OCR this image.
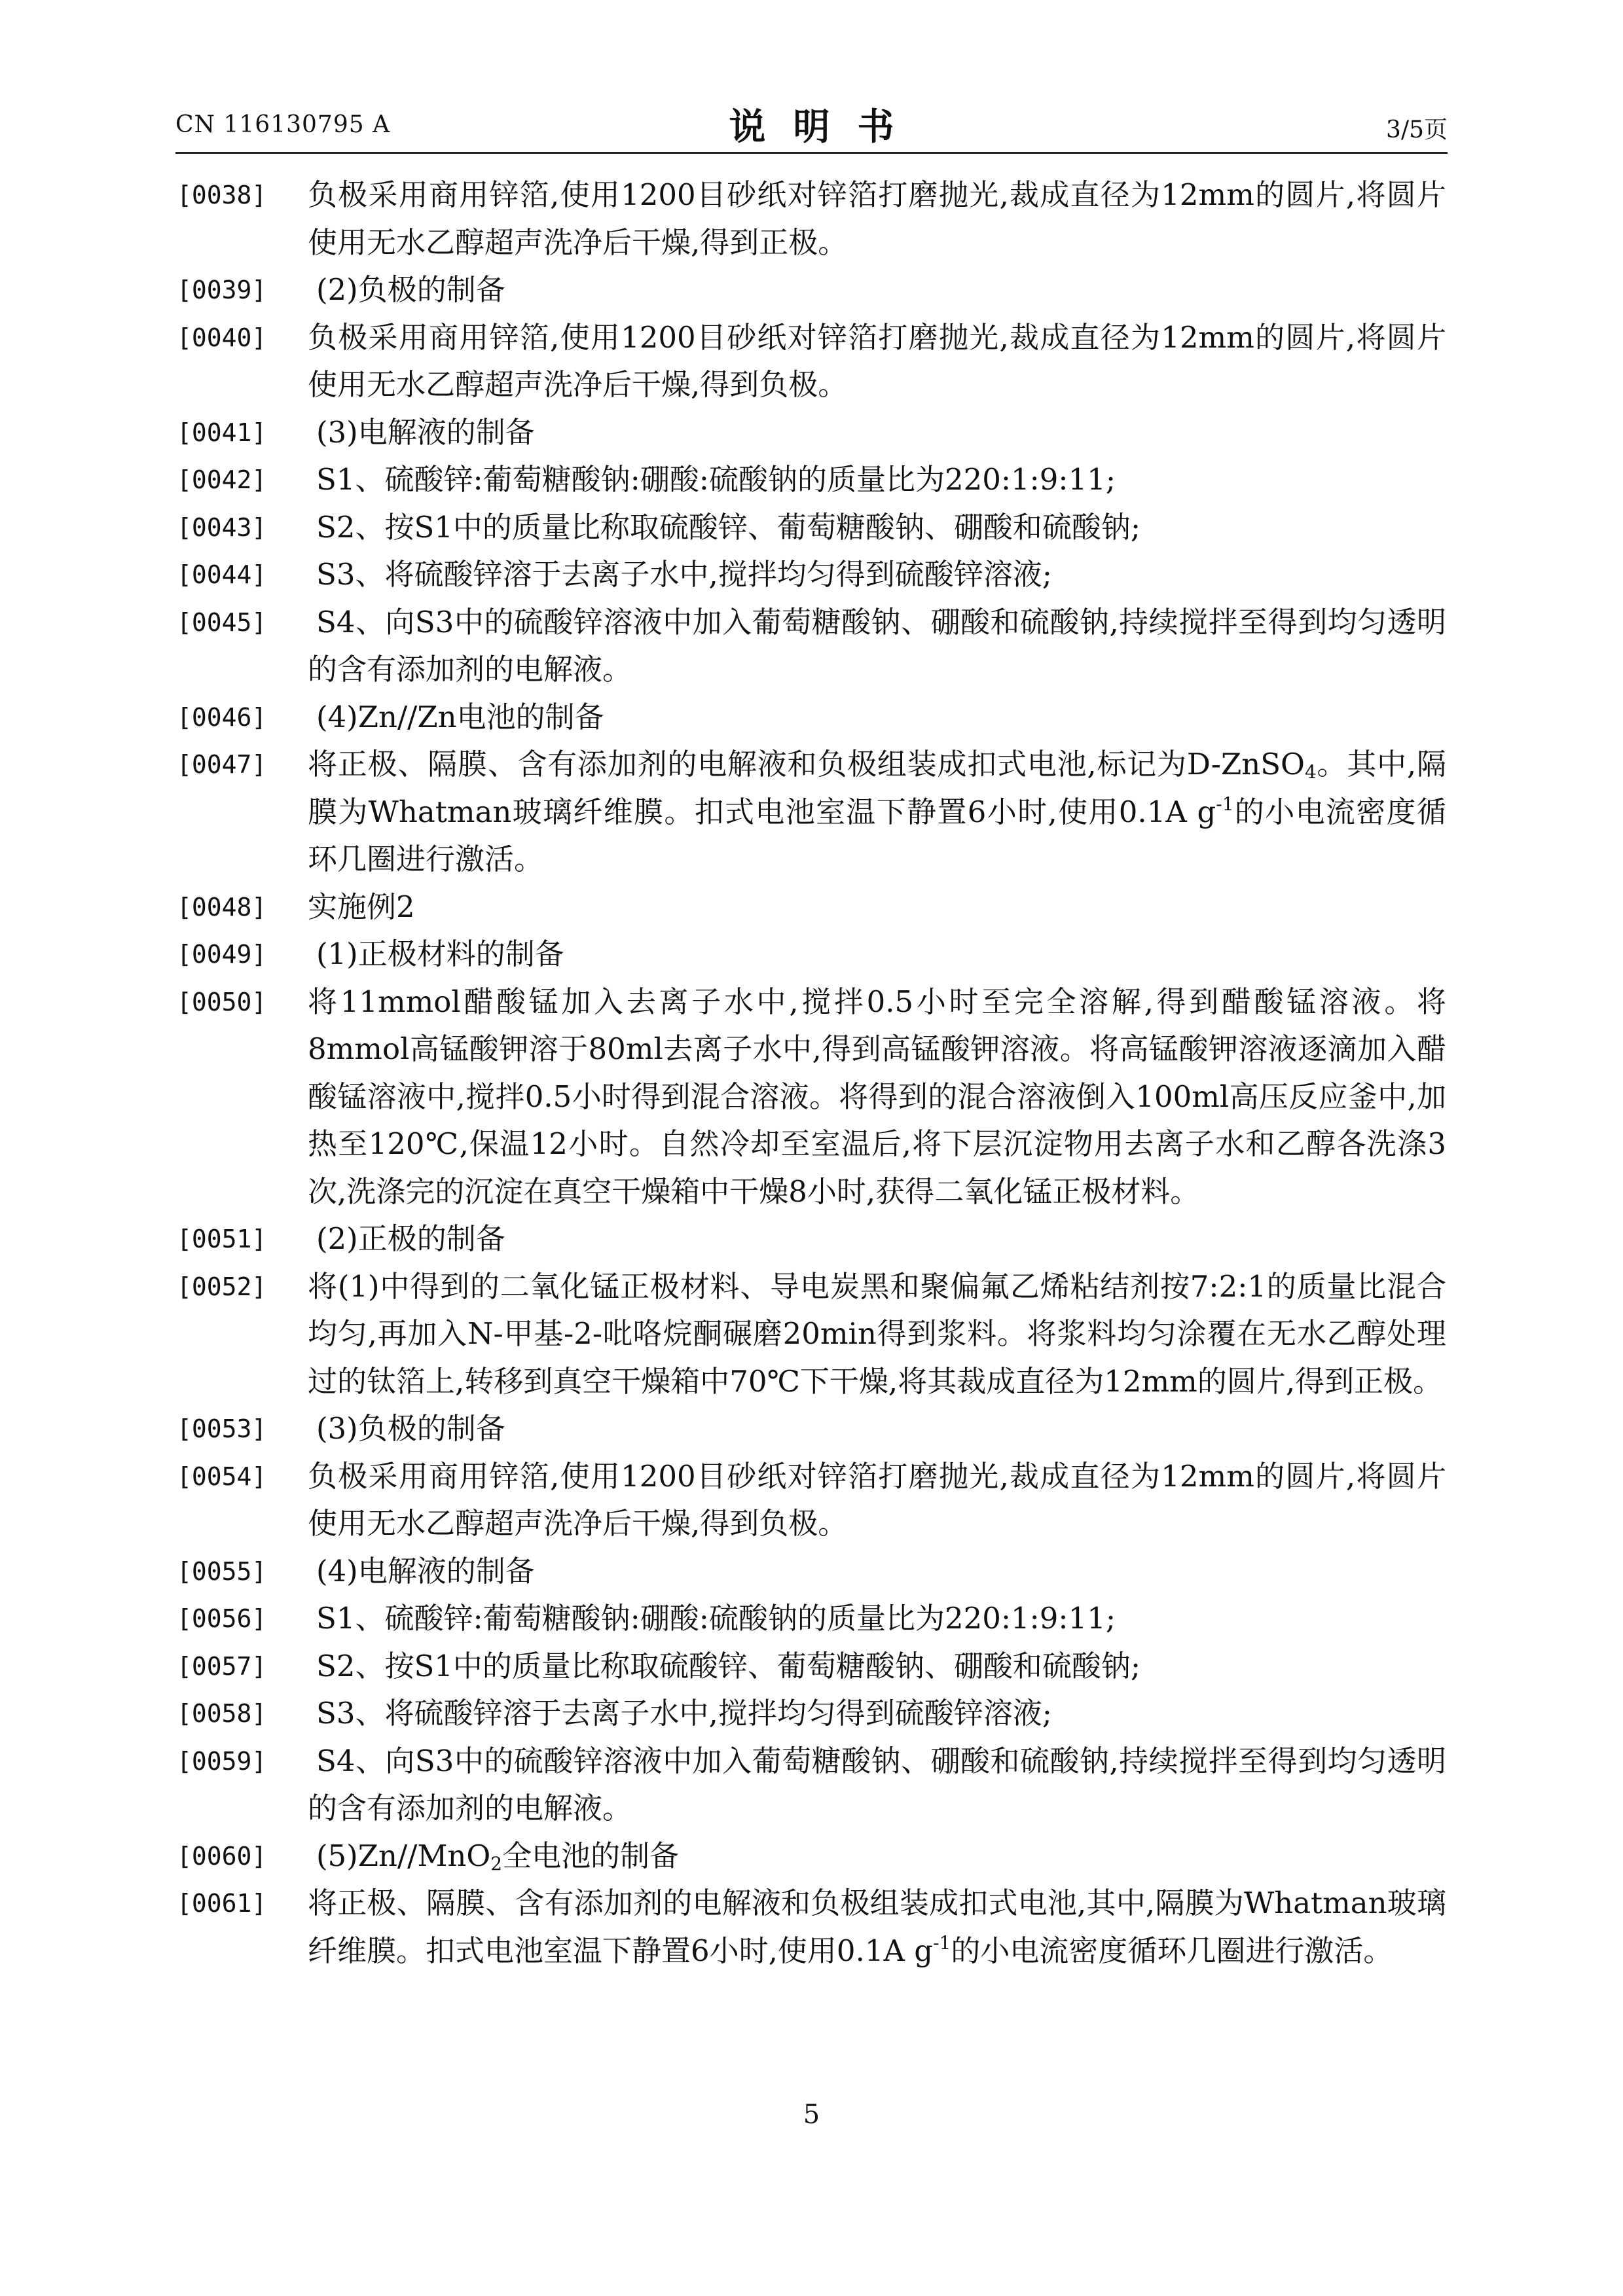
CN 116130795 A	说明书	3/5页
[0038] 负极采用商用锌箔,使用1200目砂纸对锌箔打磨抛光,裁成直径为12mm的圆片,将圆片使用无水乙醇超声洗净后干燥,得到正极。
[0039] (2)负极的制备
[0040] 负极采用商用锌箔,使用1200目砂纸对锌箔打磨抛光,裁成直径为12mm的圆片,将圆片使用无水乙醇超声洗净后干燥,得到负极。
[0041] (3)电解液的制备
[0042] S1、硫酸锌:葡萄糖酸钠:硼酸:硫酸钠的质量比为220:1:9:11;
[0043] S2、按S1中的质量比称取硫酸锌、葡萄糖酸钠、硼酸和硫酸钠;
[0044] S3、将硫酸锌溶于去离子水中,搅拌均匀得到硫酸锌溶液;
[0045] S4、向S3中的硫酸锌溶液中加入葡萄糖酸钠、硼酸和硫酸钠,持续搅拌至得到均匀透明的含有添加剂的电解液。
[0046] (4)Zn//Zn电池的制备
[0047] 将正极、隔膜、含有添加剂的电解液和负极组装成扣式电池,标记为D-ZnSO$_4$。其中,隔膜为Whatman玻璃纤维膜。扣式电池室温下静置6小时,使用0.1A $g^{-1}$的小电流密度循环几圈进行激活。
[0048] 实施例2
[0049] (1)正极材料的制备
[0050] 将11mmol醋酸锰加入去离子水中,搅拌0.5小时至完全溶解,得到醋酸锰溶液。将8mmol高锰酸钾溶于80ml去离子水中,得到高锰酸钾溶液。将高锰酸钾溶液逐滴加入醋酸锰溶液中,搅拌0.5小时得到混合溶液。将得到的混合溶液倒入100ml高压反应釜中,加热至120℃,保温12小时。自然冷却至室温后,将下层沉淀物用去离子水和乙醇各洗涤3次,洗涤完的沉淀在真空干燥箱中干燥8小时,获得二氧化锰正极材料。
[0051] (2)正极的制备
[0052] 将(1)中得到的二氧化锰正极材料、导电炭黑和聚偏氟乙烯粘结剂按7:2:1的质量比混合均匀,再加入N-甲基-2-吡咯烷酮碾磨20min得到浆料。将浆料均匀涂覆在无水乙醇处理过的钛箔上,转移到真空干燥箱中70℃下干燥,将其裁成直径为12mm的圆片,得到正极。
[0053] (3)负极的制备
[0054] 负极采用商用锌箔,使用1200目砂纸对锌箔打磨抛光,裁成直径为12mm的圆片,将圆片使用无水乙醇超声洗净后干燥,得到负极。
[0055] (4)电解液的制备
[0056] S1、硫酸锌:葡萄糖酸钠:硼酸:硫酸钠的质量比为220:1:9:11;
[0057] S2、按S1中的质量比称取硫酸锌、葡萄糖酸钠、硼酸和硫酸钠;
[0058] S3、将硫酸锌溶于去离子水中,搅拌均匀得到硫酸锌溶液;
[0059] S4、向S3中的硫酸锌溶液中加入葡萄糖酸钠、硼酸和硫酸钠,持续搅拌至得到均匀透明的含有添加剂的电解液。
[0060] (5)Zn//MnO$_2$全电池的制备
[0061] 将正极、隔膜、含有添加剂的电解液和负极组装成扣式电池,其中,隔膜为Whatman玻璃纤维膜。扣式电池室温下静置6小时,使用0.1A $g^{-1}$的小电流密度循环几圈进行激活。
5
